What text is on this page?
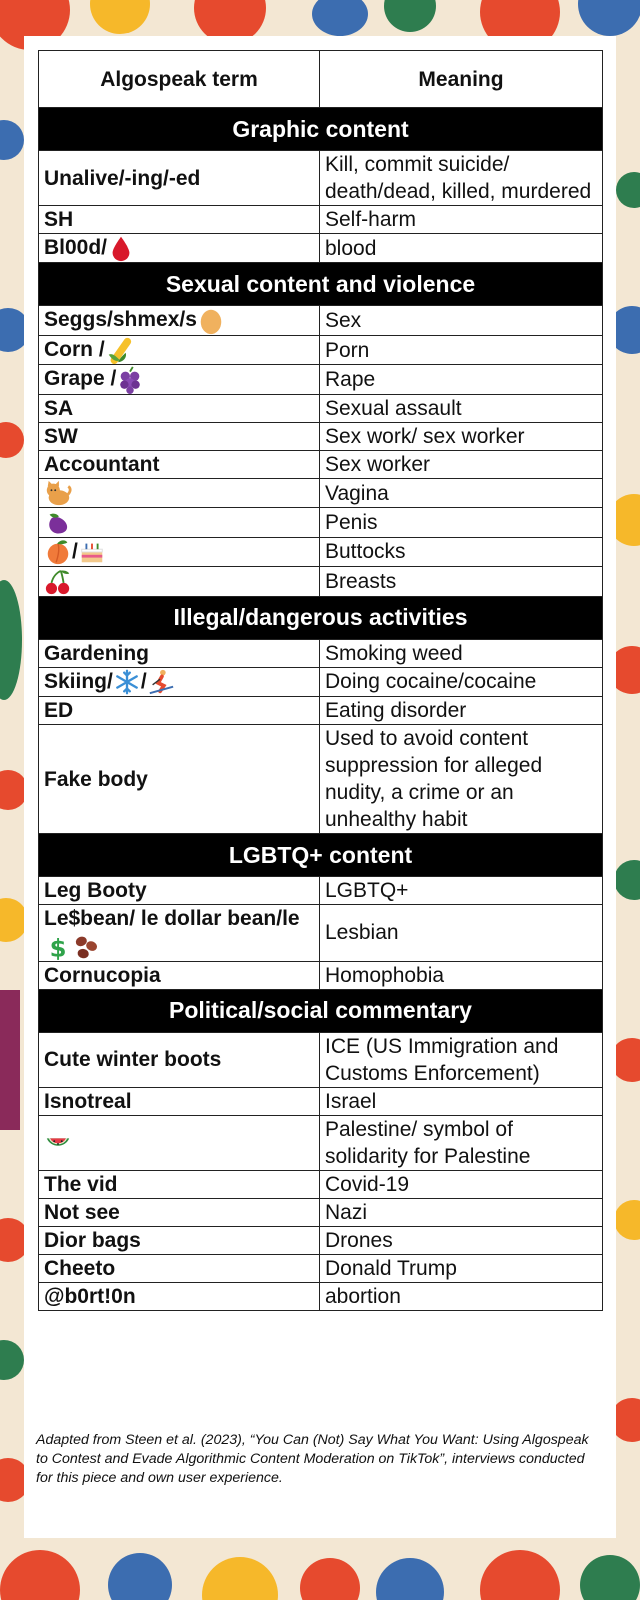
Algospeak term	Meaning
Graphic content	
Unalive/-ing/-ed	Kill, commit suicide/ death/dead, killed, murdered
SH	Self-harm
Bl00d/	blood
Sexual content and violence	
Seggs/shmex/s	Sex
Corn /	Porn
Grape /	Rape
SA	Sexual assault
SW	Sex work/ sex worker
Accountant	Sex worker

	Vagina

	Penis

/	Buttocks

	Breasts
Illegal/dangerous activities	
Gardening	Smoking weed
Skiing/ /	Doing cocaine/cocaine
ED	Eating disorder
Fake body	Used to avoid content suppression for alleged nudity, a crime or an unhealthy habit
LGBTQ+ content	
Leg Booty	LGBTQ+
Le$bean/ le dollar bean/le
$	Lesbian
Cornucopia	Homophobia
Political/social commentary	
Cute winter boots	ICE (US Immigration and Customs Enforcement)
Isnotreal	Israel

	Palestine/ symbol of solidarity for Palestine
The vid	Covid-19
Not see	Nazi
Dior bags	Drones
Cheeto	Donald Trump
@b0rt!0n	abortion
Adapted from Steen et al. (2023), “You Can (Not) Say What You Want: Using Algospeak to Contest and Evade Algorithmic Content Moderation on TikTok”, interviews conducted for this piece and own user experience.
